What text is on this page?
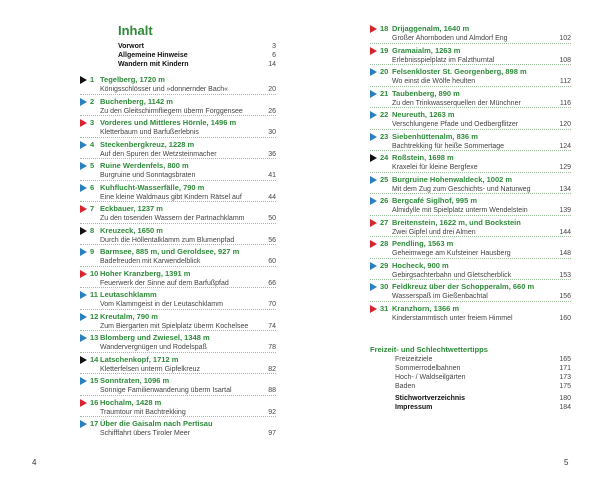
Inhalt
Vorwort	3
Allgemeine Hinweise	6
Wandern mit Kindern	14
1 Tegelberg, 1720 m
Königsschlösser und »donnernder Bach«	20
2 Buchenberg, 1142 m
Zu den Gleitschirmfliegern überm Forggensee	26
3 Vorderes und Mittleres Hörnle, 1496 m
Kletterbaum und Barfußerlebnis	30
4 Steckenbergkreuz, 1228 m
Auf den Spuren der Wetzsteinmacher	36
5 Ruine Werdenfels, 800 m
Burgruine und Sonntagsbraten	41
6 Kuhflucht-Wasserfälle, 790 m
Eine kleine Waldmaus gibt Kindern Rätsel auf	44
7 Eckbauer, 1237 m
Zu den tosenden Wassern der Partnachklamm	50
8 Kreuzeck, 1650 m
Durch die Höllentalklamm zum Blumenpfad	56
9 Barmsee, 885 m, und Geroldsee, 927 m
Badefreuden mit Karwendelblick	60
10 Hoher Kranzberg, 1391 m
Feuerwerk der Sinne auf dem Barfußpfad	66
11 Leutaschklamm
Vom Klammgeist in der Leutaschklamm	70
12 Kreutalm, 790 m
Zum Biergarten mit Spielplatz überm Kochelsee	74
13 Blomberg und Zwiesel, 1348 m
Wandervergnügen und Rodelspaß	78
14 Latschenkopf, 1712 m
Kletterfelsen unterm Gipfelkreuz	82
15 Sonntraten, 1096 m
Sonnige Familienwanderung überm Isartal	88
16 Hochalm, 1428 m
Traumtour mit Bachtrekking	92
17 Über die Gaisalm nach Pertisau
Schifffahrt übers Tiroler Meer	97
4
18 Drijaggenalm, 1640 m
Großer Ahornboden und Almdorf Eng	102
19 Gramaialm, 1263 m
Erlebnisspielplatz im Falzthurntal	108
20 Felsenkloster St. Georgenberg, 898 m
Wo einst die Wölfe heulten	112
21 Taubenberg, 890 m
Zu den Trinkwasserquellen der Münchner	116
22 Neureuth, 1263 m
Verschlungene Pfade und Oedbergflitzer	120
23 Siebenhüttenalm, 836 m
Bachtrekking für heiße Sommertage	124
24 Roßstein, 1698 m
Kraxelei für kleine Bergfexe	129
25 Burgruine Hohenwaldeck, 1002 m
Mit dem Zug zum Geschichts- und Naturweg	134
26 Bergcafé Siglhof, 995 m
Almidylle mit Spielplatz unterm Wendelstein	139
27 Breitenstein, 1622 m, und Bockstein
Zwei Gipfel und drei Almen	144
28 Pendling, 1563 m
Geheimwege am Kufsteiner Hausberg	148
29 Hocheck, 900 m
Gebirgsachterbahn und Gletscherblick	153
30 Feldkreuz über der Schopperalm, 660 m
Wasserspaß im Gießenbachtal	156
31 Kranzhorn, 1366 m
Kinderstammtisch unter freiem Himmel	160
5
Freizeit- und Schlechtwettertipps
Freizeitziele	165
Sommerrodelbahnen	171
Hoch- / Waldseilgärten	173
Baden	175
Stichwortverzeichnis	180
Impressum	184
